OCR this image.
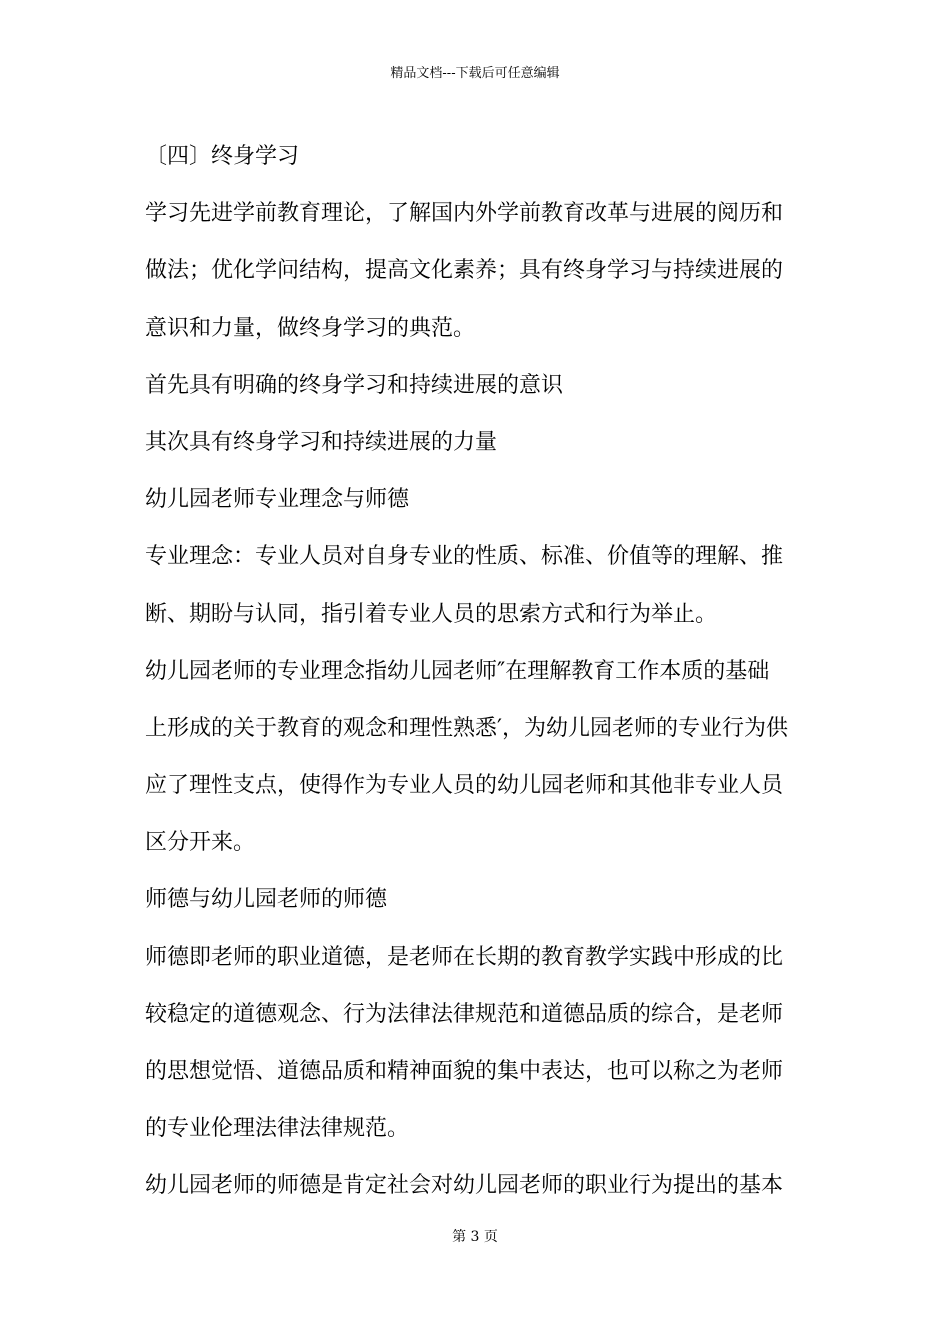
精品文档---下载后可任意编辑
〔四〕终身学习
学习先进学前教育理论，了解国内外学前教育改革与进展的阅历和
做法；优化学问结构，提高文化素养；具有终身学习与持续进展的
意识和力量，做终身学习的典范。
首先具有明确的终身学习和持续进展的意识
其次具有终身学习和持续进展的力量
幼儿园老师专业理念与师德
专业理念：专业人员对自身专业的性质、标准、价值等的理解、推
断、期盼与认同，指引着专业人员的思索方式和行为举止。
幼儿园老师的专业理念指幼儿园老师″在理解教育工作本质的基础
上形成的关于教育的观念和理性熟悉′，为幼儿园老师的专业行为供
应了理性支点，使得作为专业人员的幼儿园老师和其他非专业人员
区分开来。
师德与幼儿园老师的师德
师德即老师的职业道德，是老师在长期的教育教学实践中形成的比
较稳定的道德观念、行为法律法律规范和道德品质的综合，是老师
的思想觉悟、道德品质和精神面貌的集中表达，也可以称之为老师
的专业伦理法律法律规范。
幼儿园老师的师德是肯定社会对幼儿园老师的职业行为提出的基本
第 3 页
